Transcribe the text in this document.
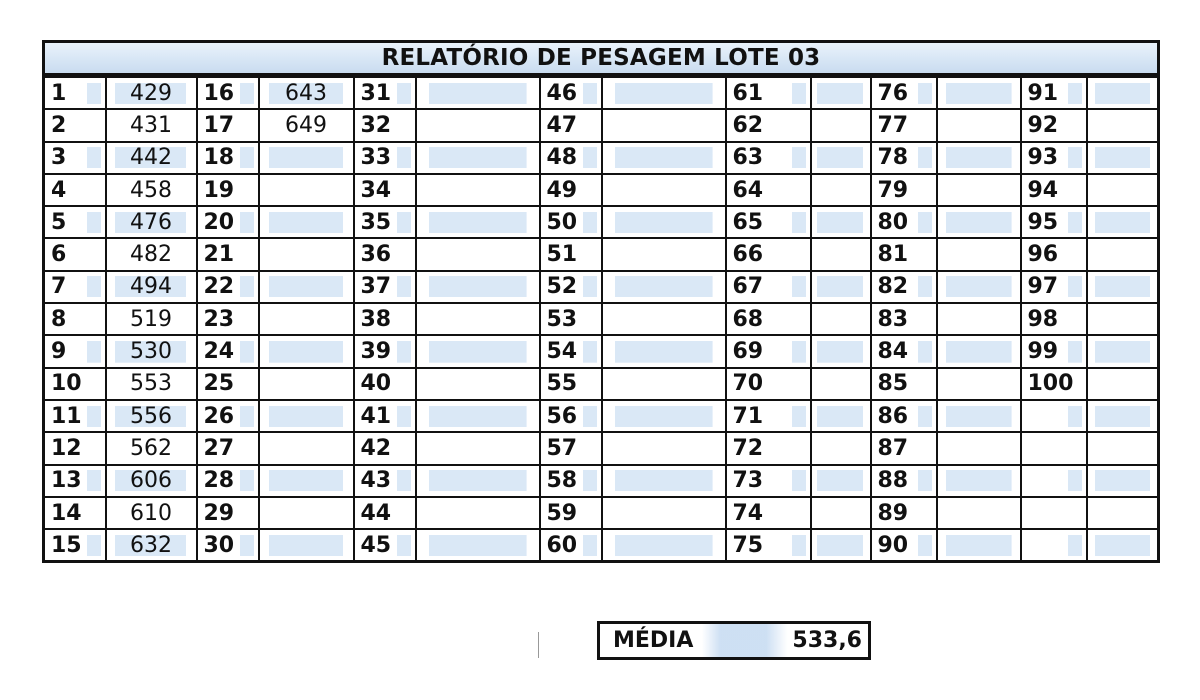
RELATÓRIO DE PESAGEM LOTE 03
1	429	16	643	31		46		61		76		91	
2	431	17	649	32		47		62		77		92	
3	442	18		33		48		63		78		93	
4	458	19		34		49		64		79		94	
5	476	20		35		50		65		80		95	
6	482	21		36		51		66		81		96	
7	494	22		37		52		67		82		97	
8	519	23		38		53		68		83		98	
9	530	24		39		54		69		84		99	
10	553	25		40		55		70		85		100	
11	556	26		41		56		71		86			
12	562	27		42		57		72		87			
13	606	28		43		58		73		88			
14	610	29		44		59		74		89			
15	632	30		45		60		75		90			
MÉDIA	533,6
